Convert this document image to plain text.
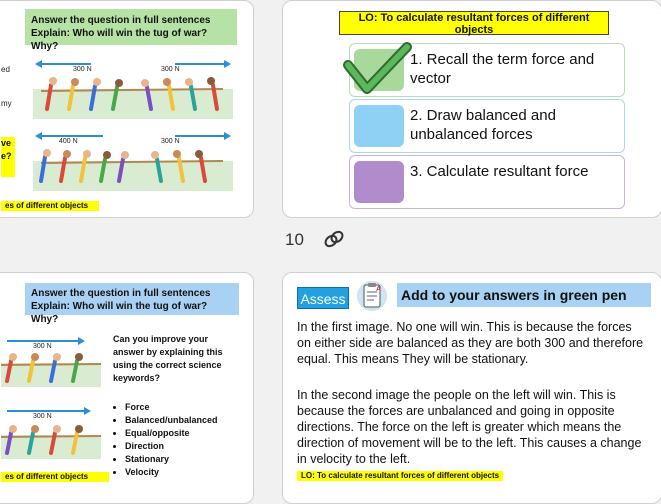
ed
my
ve
e?
Answer the question in full sentences
Explain: Who will win the tug of war? Why?
300 N	300 N
400 N	300 N
es of different objects
LO: To calculate resultant forces of different objects
1. Recall the term force and vector
2. Draw balanced and unbalanced forces
3. Calculate resultant force
10
Answer the question in full sentences
Explain: Who will win the tug of war? Why?
300 N
300 N
Can you improve your answer by explaining this using the correct science keywords?
• Force
• Balanced/unbalanced
• Equal/opposite
• Direction
• Stationary
• Velocity
es of different objects
Assess
A Add to your answers in green pen
In the first image. No one will win. This is because the forces on either side are balanced as they are both 300 and therefore equal. This means They will be stationary.
In the second image the people on the left will win. This is because the forces are unbalanced and going in opposite directions. The force on the left is greater which means the direction of movement will be to the left. This causes a change in velocity to the left.
LO: To calculate resultant forces of different objects
